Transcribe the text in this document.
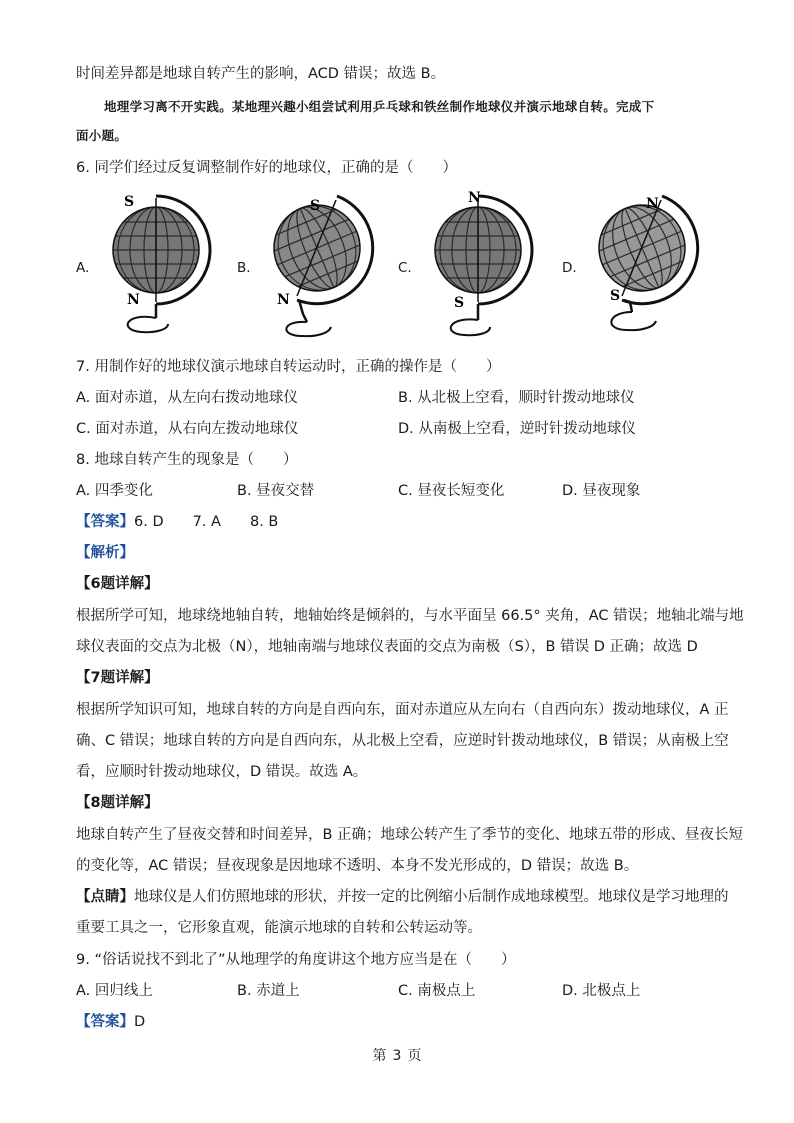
时间差异都是地球自转产生的影响，ACD 错误；故选 B。
地理学习离不开实践。某地理兴趣小组尝试利用乒乓球和铁丝制作地球仪并演示地球自转。完成下
面小题。
6. 同学们经过反复调整制作好的地球仪，正确的是（　　）
A.
S
N
B.
S
N
C.
N
S
D.
N
S
7. 用制作好的地球仪演示地球自转运动时，正确的操作是（　　）
A. 面对赤道，从左向右拨动地球仪	B. 从北极上空看，顺时针拨动地球仪
C. 面对赤道，从右向左拨动地球仪	D. 从南极上空看，逆时针拨动地球仪
8. 地球自转产生的现象是（　　）
A. 四季变化	B. 昼夜交替	C. 昼夜长短变化	D. 昼夜现象
【答案】6. D　　7. A　　8. B
【解析】
【6题详解】
根据所学可知，地球绕地轴自转，地轴始终是倾斜的，与水平面呈 66.5° 夹角，AC 错误；地轴北端与地
球仪表面的交点为北极（N），地轴南端与地球仪表面的交点为南极（S），B 错误 D 正确；故选 D
【7题详解】
根据所学知识可知，地球自转的方向是自西向东，面对赤道应从左向右（自西向东）拨动地球仪，A 正
确、C 错误；地球自转的方向是自西向东，从北极上空看，应逆时针拨动地球仪，B 错误；从南极上空
看，应顺时针拨动地球仪，D 错误。故选 A。
【8题详解】
地球自转产生了昼夜交替和时间差异，B 正确；地球公转产生了季节的变化、地球五带的形成、昼夜长短
的变化等，AC 错误；昼夜现象是因地球不透明、本身不发光形成的，D 错误；故选 B。
【点睛】地球仪是人们仿照地球的形状，并按一定的比例缩小后制作成地球模型。地球仪是学习地理的
重要工具之一，它形象直观，能演示地球的自转和公转运动等。
9. “俗话说找不到北了”从地理学的角度讲这个地方应当是在（　　）
A. 回归线上	B. 赤道上	C. 南极点上	D. 北极点上
【答案】D
第 3 页
